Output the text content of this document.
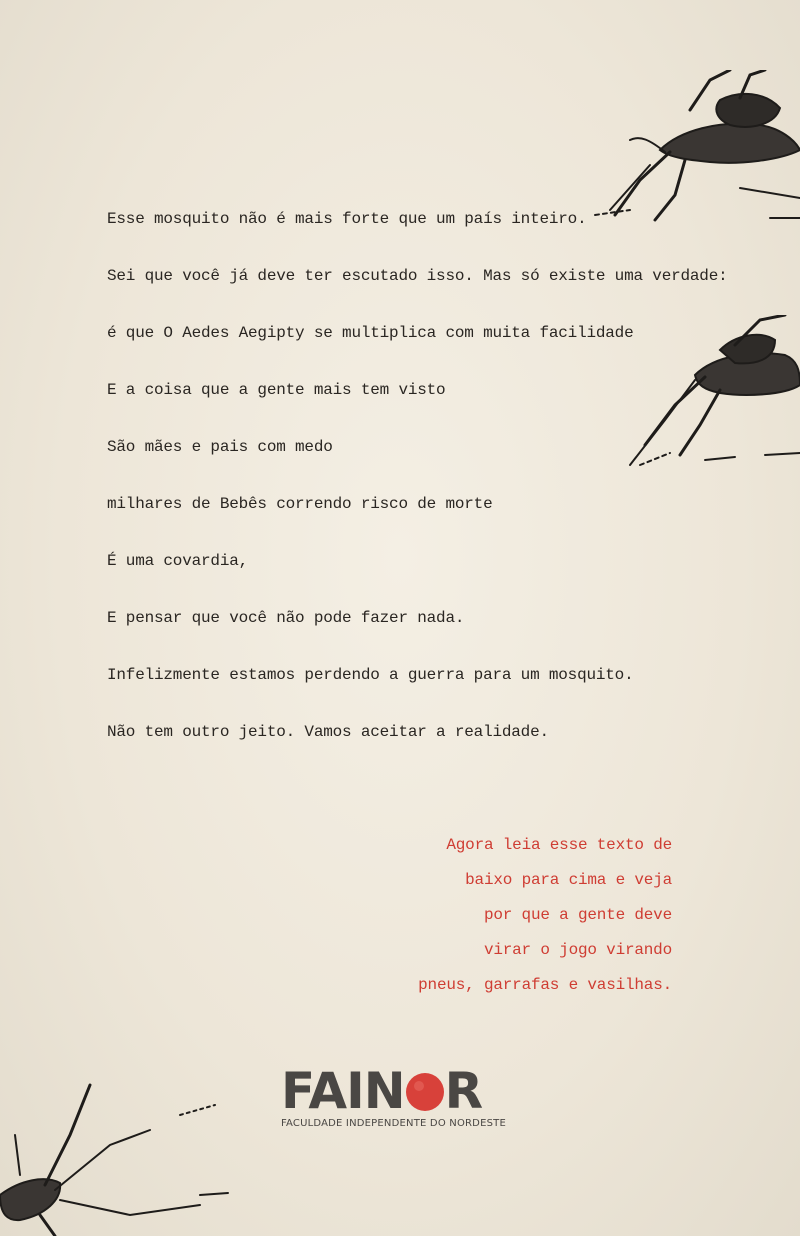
Esse mosquito não é mais forte que um país inteiro.
Sei que você já deve ter escutado isso. Mas só existe uma verdade:
é que O Aedes Aegipty se multiplica com muita facilidade
E a coisa que a gente mais tem visto
São mães e pais com medo
milhares de Bebês correndo risco de morte
É uma covardia,
E pensar que você não pode fazer nada.
Infelizmente estamos perdendo a guerra para um mosquito.
Não tem outro jeito. Vamos aceitar a realidade.
Agora leia esse texto de
baixo para cima e veja
por que a gente deve
virar o jogo virando
pneus, garrafas e vasilhas.
FAIN R
FACULDADE INDEPENDENTE DO NORDESTE
